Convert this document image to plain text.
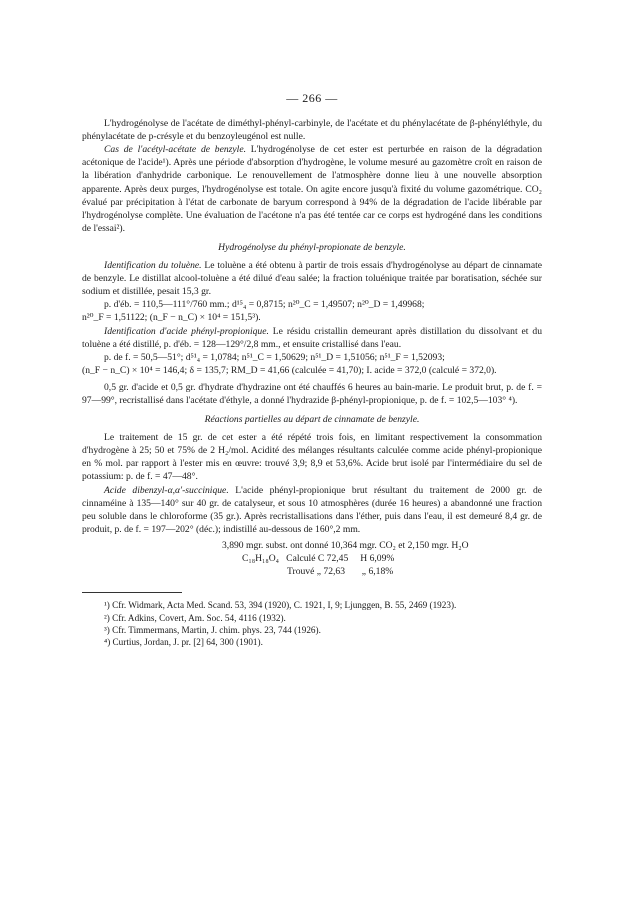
— 266 —

L'hydrogénolyse de l'acétate de diméthyl-phényl-carbinyle, de l'acétate et du phénylacétate de β-phényléthyle, du phénylacétate de p-crésyle et du benzoyleugénol est nulle.

Cas de l'acétyl-acétate de benzyle. L'hydrogénolyse de cet ester est perturbée en raison de la dégradation acétonique de l'acide¹). Après une période d'absorption d'hydrogène, le volume mesuré au gazomètre croît en raison de la libération d'anhydride carbonique. Le renouvellement de l'atmosphère donne lieu à une nouvelle absorption apparente. Après deux purges, l'hydrogénolyse est totale. On agite encore jusqu'à fixité du volume gazométrique. CO₂ évalué par précipitation à l'état de carbonate de baryum correspond à 94% de la dégradation de l'acide libérable par l'hydrogénolyse complète. Une évaluation de l'acétone n'a pas été tentée car ce corps est hydrogéné dans les conditions de l'essai²).

Hydrogénolyse du phényl-propionate de benzyle.

Identification du toluène. Le toluène a été obtenu à partir de trois essais d'hydrogénolyse au départ de cinnamate de benzyle. Le distillat alcool-toluène a été dilué d'eau salée; la fraction toluénique traitée par boratisation, séchée sur sodium et distillée, pesait 15,3 gr.

p. d'éb. = 110,5—111°/760 mm.; d¹⁵₄ = 0,8715; n²⁰_C = 1,49507; n²⁰_D = 1,49968;

n²⁰_F = 1,51122; (n_F − n_C) × 10⁴ = 151,5³).

Identification d'acide phényl-propionique. Le résidu cristallin demeurant après distillation du dissolvant et du toluène a été distillé, p. d'éb. = 128—129°/2,8 mm., et ensuite cristallisé dans l'eau.

p. de f. = 50,5—51°; d⁵¹₄ = 1,0784; n⁵¹_C = 1,50629; n⁵¹_D = 1,51056; n⁵¹_F = 1,52093;

(n_F − n_C) × 10⁴ = 146,4; δ = 135,7; RM_D = 41,66 (calculée = 41,70); I. acide = 372,0 (calculé = 372,0).

0,5 gr. d'acide et 0,5 gr. d'hydrate d'hydrazine ont été chauffés 6 heures au bain-marie. Le produit brut, p. de f. = 97—99°, recristallisé dans l'acétate d'éthyle, a donné l'hydrazide β-phényl-propionique, p. de f. = 102,5—103° ⁴).

Réactions partielles au départ de cinnamate de benzyle.

Le traitement de 15 gr. de cet ester a été répété trois fois, en limitant respectivement la consommation d'hydrogène à 25; 50 et 75% de 2 H₂/mol. Acidité des mélanges résultants calculée comme acide phényl-propionique en % mol. par rapport à l'ester mis en œuvre: trouvé 3,9; 8,9 et 53,6%. Acide brut isolé par l'intermédiaire du sel de potassium: p. de f. = 47—48°.

Acide dibenzyl-α,α'-succinique. L'acide phényl-propionique brut résultant du traitement de 2000 gr. de cinnaméine à 135—140° sur 40 gr. de catalyseur, et sous 10 atmosphères (durée 16 heures) a abandonné une fraction peu soluble dans le chloroforme (35 gr.). Après recristallisations dans l'éther, puis dans l'eau, il est demeuré 8,4 gr. de produit, p. de f. = 197—202° (déc.); indistillé au-dessous de 160°,2 mm.

3,890 mgr. subst. ont donné 10,364 mgr. CO₂ et 2,150 mgr. H₂O
C₁₈H₁₈O₄   Calculé C 72,45     H 6,09%
Trouvé „ 72,63       „ 6,18%

¹) Cfr. Widmark, Acta Med. Scand. 53, 394 (1920), C. 1921, I, 9; Ljunggen, B. 55, 2469 (1923).

²) Cfr. Adkins, Covert, Am. Soc. 54, 4116 (1932).

³) Cfr. Timmermans, Martin, J. chim. phys. 23, 744 (1926).

⁴) Curtius, Jordan, J. pr. [2] 64, 300 (1901).
